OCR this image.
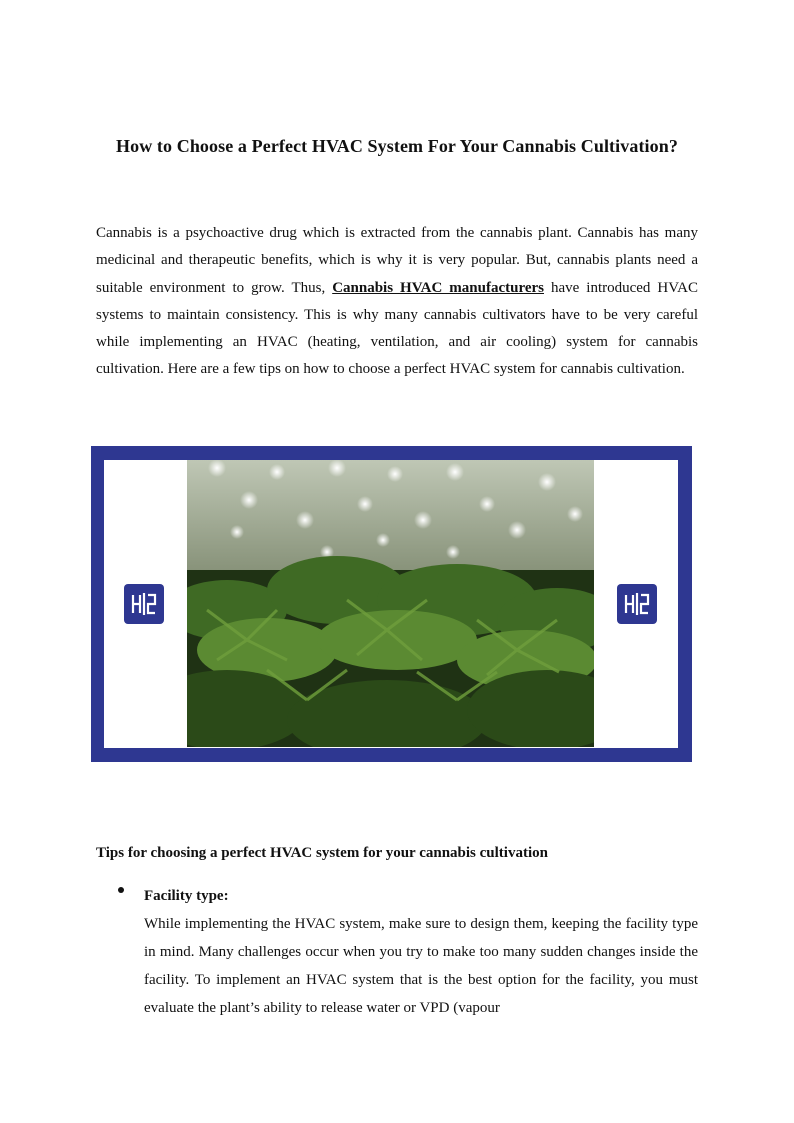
How to Choose a Perfect HVAC System For Your Cannabis Cultivation?

Cannabis is a psychoactive drug which is extracted from the cannabis plant. Cannabis has many medicinal and therapeutic benefits, which is why it is very popular. But, cannabis plants need a suitable environment to grow. Thus, Cannabis HVAC manufacturers have introduced HVAC systems to maintain consistency. This is why many cannabis cultivators have to be very careful while implementing an HVAC (heating, ventilation, and air cooling) system for cannabis cultivation. Here are a few tips on how to choose a perfect HVAC system for cannabis cultivation.

Tips for choosing a perfect HVAC system for your cannabis cultivation
Facility type:

While implementing the HVAC system, make sure to design them, keeping the facility type in mind. Many challenges occur when you try to make too many sudden changes inside the facility. To implement an HVAC system that is the best option for the facility, you must evaluate the plant’s ability to release water or VPD (vapour
